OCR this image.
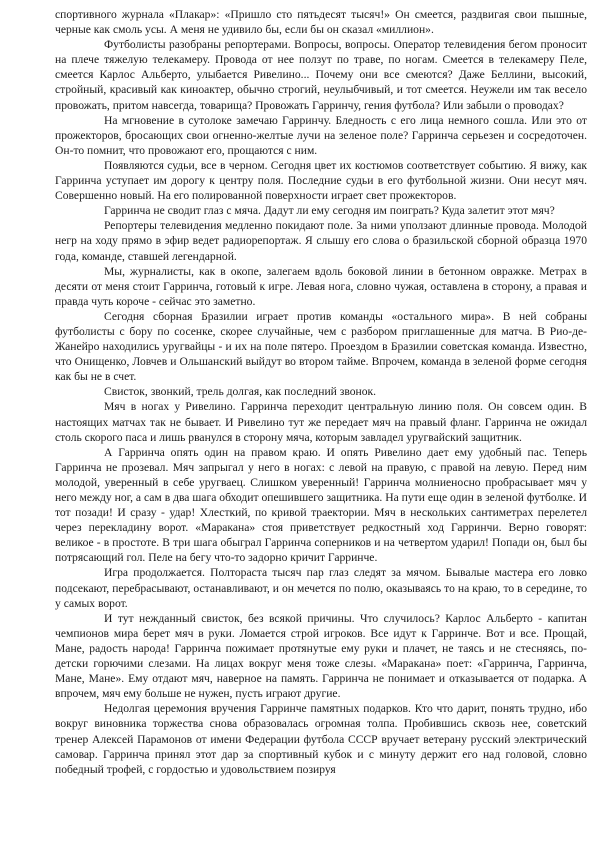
спортивного журнала «Плакар»: «Пришло сто пятьдесят тысяч!» Он смеется, раздвигая свои пышные, черные как смоль усы. А меня не удивило бы, если бы он сказал «миллион».

Футболисты разобраны репортерами. Вопросы, вопросы. Оператор телевидения бегом проносит на плече тяжелую телекамеру. Провода от нее ползут по траве, по ногам. Смеется в телекамеру Пеле, смеется Карлос Альберто, улыбается Ривелино... Почему они все смеются? Даже Беллини, высокий, стройный, красивый как киноактер, обычно строгий, неулыбчивый, и тот смеется. Неужели им так весело провожать, притом навсегда, товарища? Провожать Гарринчу, гения футбола? Или забыли о проводах?

На мгновение в сутолоке замечаю Гарринчу. Бледность с его лица немного сошла. Или это от прожекторов, бросающих свои огненно-желтые лучи на зеленое поле? Гарринча серьезен и сосредоточен. Он-то помнит, что провожают его, прощаются с ним.

Появляются судьи, все в черном. Сегодня цвет их костюмов соответствует событию. Я вижу, как Гарринча уступает им дорогу к центру поля. Последние судьи в его футбольной жизни. Они несут мяч. Совершенно новый. На его полированной поверхности играет свет прожекторов.

Гарринча не сводит глаз с мяча. Дадут ли ему сегодня им поиграть? Куда залетит этот мяч?

Репортеры телевидения медленно покидают поле. За ними уползают длинные провода. Молодой негр на ходу прямо в эфир ведет радиорепортаж. Я слышу его слова о бразильской сборной образца 1970 года, команде, ставшей легендарной.

Мы, журналисты, как в окопе, залегаем вдоль боковой линии в бетонном овражке. Метрах в десяти от меня стоит Гарринча, готовый к игре. Левая нога, словно чужая, оставлена в сторону, а правая и правда чуть короче - сейчас это заметно.

Сегодня сборная Бразилии играет против команды «остального мира». В ней собраны футболисты с бору по сосенке, скорее случайные, чем с разбором приглашенные для матча. В Рио-де-Жанейро находились уругвайцы - и их на поле пятеро. Проездом в Бразилии советская команда. Известно, что Онищенко, Ловчев и Ольшанский выйдут во втором тайме. Впрочем, команда в зеленой форме сегодня как бы не в счет.

Свисток, звонкий, трель долгая, как последний звонок.

Мяч в ногах у Ривелино. Гарринча переходит центральную линию поля. Он совсем один. В настоящих матчах так не бывает. И Ривелино тут же передает мяч на правый фланг. Гарринча не ожидал столь скорого паса и лишь рванулся в сторону мяча, которым завладел уругвайский защитник.

А Гарринча опять один на правом краю. И опять Ривелино дает ему удобный пас. Теперь Гарринча не прозевал. Мяч запрыгал у него в ногах: с левой на правую, с правой на левую. Перед ним молодой, уверенный в себе уругваец. Слишком уверенный! Гарринча молниеносно пробрасывает мяч у него между ног, а сам в два шага обходит опешившего защитника. На пути еще один в зеленой футболке. И тот позади! И сразу - удар! Хлесткий, по кривой траектории. Мяч в нескольких сантиметрах перелетел через перекладину ворот. «Маракана» стоя приветствует редкостный ход Гарринчи. Верно говорят: великое - в простоте. В три шага обыграл Гарринча соперников и на четвертом ударил! Попади он, был бы потрясающий гол. Пеле на бегу что-то задорно кричит Гарринче.

Игра продолжается. Полтораста тысяч пар глаз следят за мячом. Бывалые мастера его ловко подсекают, перебрасывают, останавливают, и он мечется по полю, оказываясь то на краю, то в середине, то у самых ворот.

И тут нежданный свисток, без всякой причины. Что случилось? Карлос Альберто - капитан чемпионов мира берет мяч в руки. Ломается строй игроков. Все идут к Гарринче. Вот и все. Прощай, Мане, радость народа! Гарринча пожимает протянутые ему руки и плачет, не таясь и не стесняясь, по-детски горючими слезами. На лицах вокруг меня тоже слезы. «Маракана» поет: «Гарринча, Гарринча, Мане, Мане». Ему отдают мяч, наверное на память. Гарринча не понимает и отказывается от подарка. А впрочем, мяч ему больше не нужен, пусть играют другие.

Недолгая церемония вручения Гарринче памятных подарков. Кто что дарит, понять трудно, ибо вокруг виновника торжества снова образовалась огромная толпа. Пробившись сквозь нее, советский тренер Алексей Парамонов от имени Федерации футбола СССР вручает ветерану русский электрический самовар. Гарринча принял этот дар за спортивный кубок и с минуту держит его над головой, словно победный трофей, с гордостью и удовольствием позируя
